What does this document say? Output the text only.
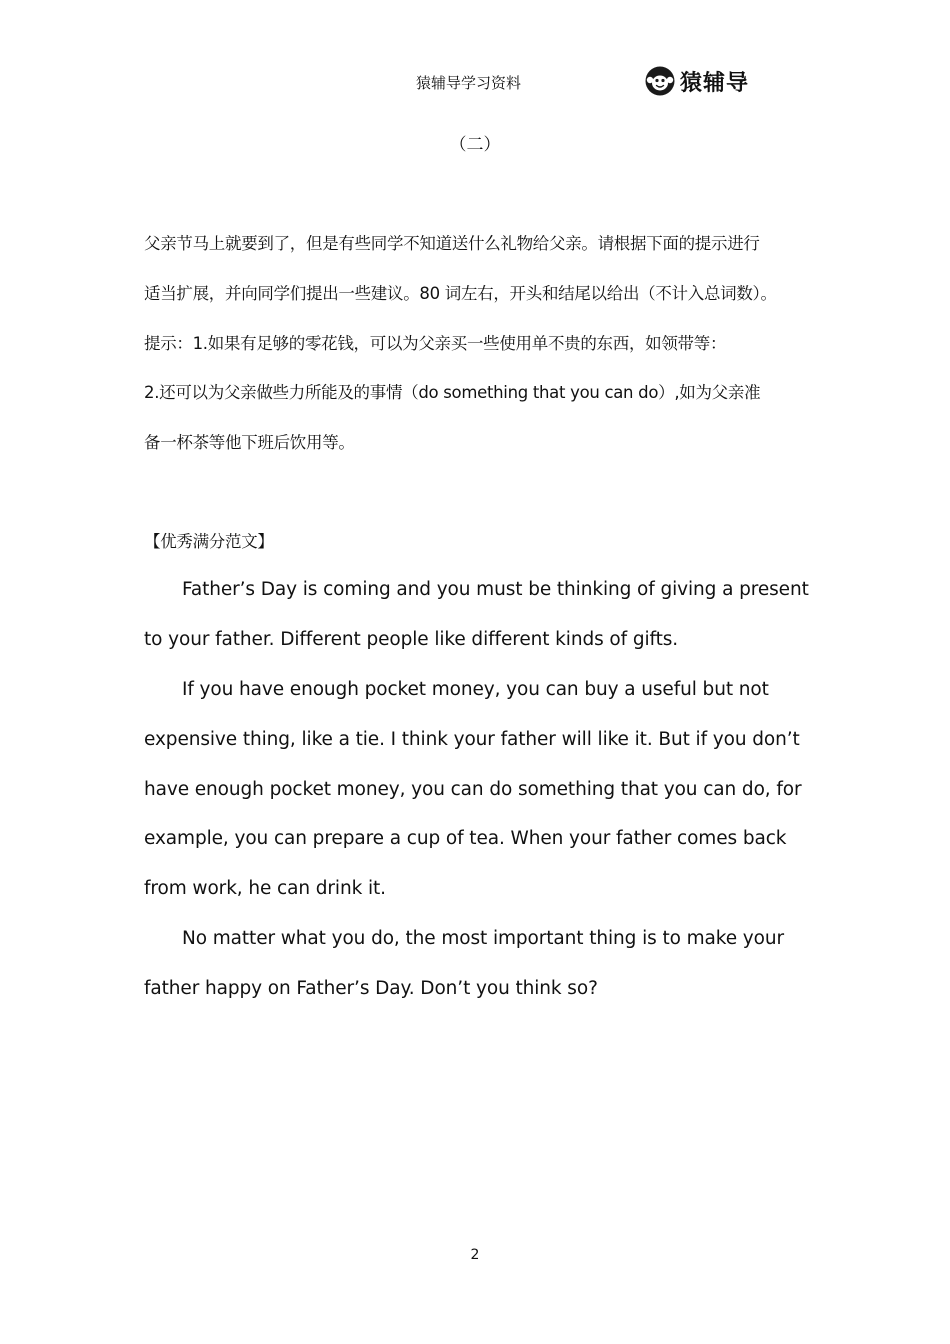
猿辅导学习资料	猿辅导
（二）

父亲节马上就要到了，但是有些同学不知道送什么礼物给父亲。请根据下面的提示进行

适当扩展，并向同学们提出一些建议。80 词左右，开头和结尾以给出（不计入总词数）。

提示：1.如果有足够的零花钱，可以为父亲买一些使用单不贵的东西，如领带等：

2.还可以为父亲做些力所能及的事情（do something that you can do）,如为父亲准

备一杯茶等他下班后饮用等。

【优秀满分范文】

Father’s Day is coming and you must be thinking of giving a present

to your father. Different people like different kinds of gifts.

If you have enough pocket money, you can buy a useful but not

expensive thing, like a tie. I think your father will like it. But if you don’t

have enough pocket money, you can do something that you can do, for

example, you can prepare a cup of tea. When your father comes back

from work, he can drink it.

No matter what you do, the most important thing is to make your

father happy on Father’s Day. Don’t you think so?

2
